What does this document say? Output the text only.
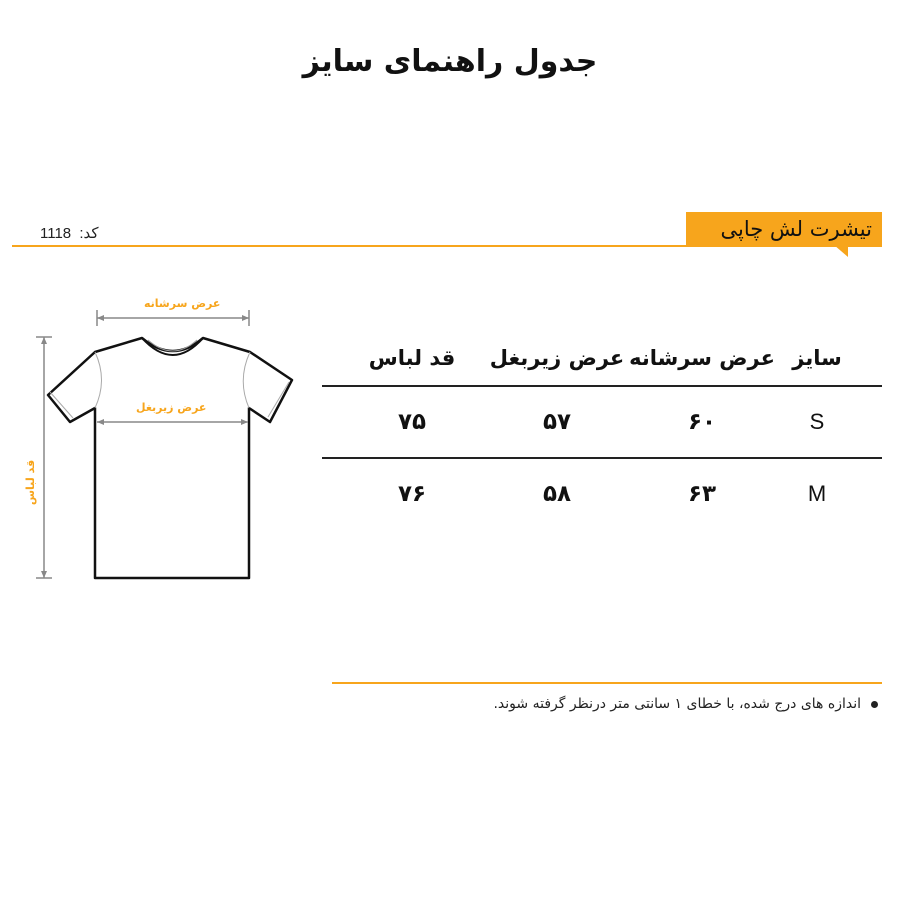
جدول راهنمای سایز
تیشرت لش چاپی
کد: 1118
عرض سرشانه
عرض زیربغل
قد لباس
سایز
عرض سرشانه
عرض زیربغل
قد لباس
S
۶۰
۵۷
۷۵
M
۶۳
۵۸
۷۶
اندازه های درج شده، با خطای ۱ سانتی متر درنظر گرفته شوند.
